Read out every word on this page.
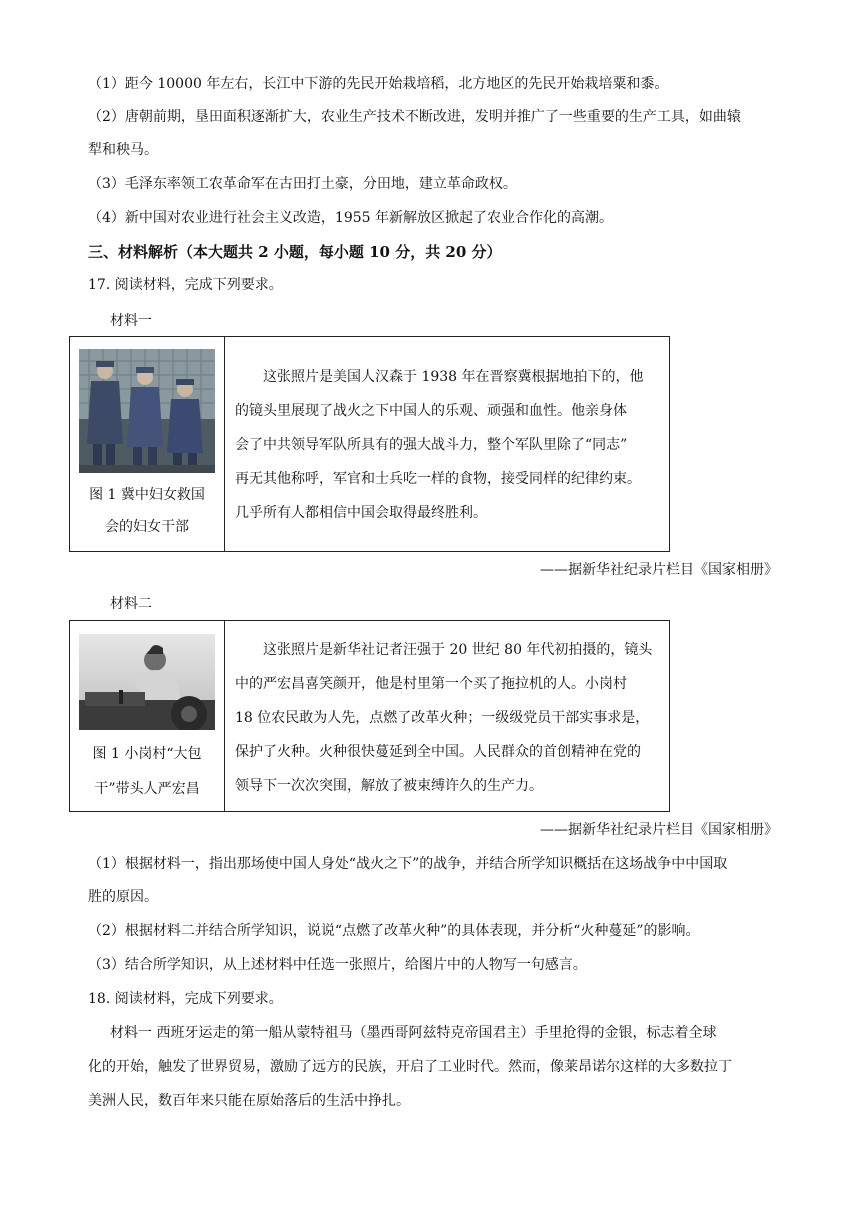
（1）距今 10000 年左右，长江中下游的先民开始栽培稻，北方地区的先民开始栽培粟和黍。
（2）唐朝前期，垦田面积逐渐扩大，农业生产技术不断改进，发明并推广了一些重要的生产工具，如曲辕
犁和秧马。
（3）毛泽东率领工农革命军在古田打土豪，分田地，建立革命政权。
（4）新中国对农业进行社会主义改造，1955 年新解放区掀起了农业合作化的高潮。
三、材料解析（本大题共 2 小题，每小题 10 分，共 20 分）
17. 阅读材料，完成下列要求。
材料一
图 1 冀中妇女救国
会的妇女干部
这张照片是美国人汉森于 1938 年在晋察冀根据地拍下的，他
的镜头里展现了战火之下中国人的乐观、顽强和血性。他亲身体
会了中共领导军队所具有的强大战斗力，整个军队里除了“同志”
再无其他称呼，军官和士兵吃一样的食物，接受同样的纪律约束。
几乎所有人都相信中国会取得最终胜利。
——据新华社纪录片栏目《国家相册》
材料二
图 1 小岗村“大包
干”带头人严宏昌
这张照片是新华社记者汪强于 20 世纪 80 年代初拍摄的，镜头
中的严宏昌喜笑颜开，他是村里第一个买了拖拉机的人。小岗村
18 位农民敢为人先，点燃了改革火种；一级级党员干部实事求是，
保护了火种。火种很快蔓延到全中国。人民群众的首创精神在党的
领导下一次次突围，解放了被束缚许久的生产力。
——据新华社纪录片栏目《国家相册》
（1）根据材料一，指出那场使中国人身处“战火之下”的战争，并结合所学知识概括在这场战争中中国取
胜的原因。
（2）根据材料二并结合所学知识，说说“点燃了改革火种”的具体表现，并分析“火种蔓延”的影响。
（3）结合所学知识，从上述材料中任选一张照片，给图片中的人物写一句感言。
18. 阅读材料，完成下列要求。
材料一 西班牙运走的第一船从蒙特祖马（墨西哥阿兹特克帝国君主）手里抢得的金银，标志着全球
化的开始，触发了世界贸易，激励了远方的民族，开启了工业时代。然而，像莱昂诺尔这样的大多数拉丁
美洲人民，数百年来只能在原始落后的生活中挣扎。
